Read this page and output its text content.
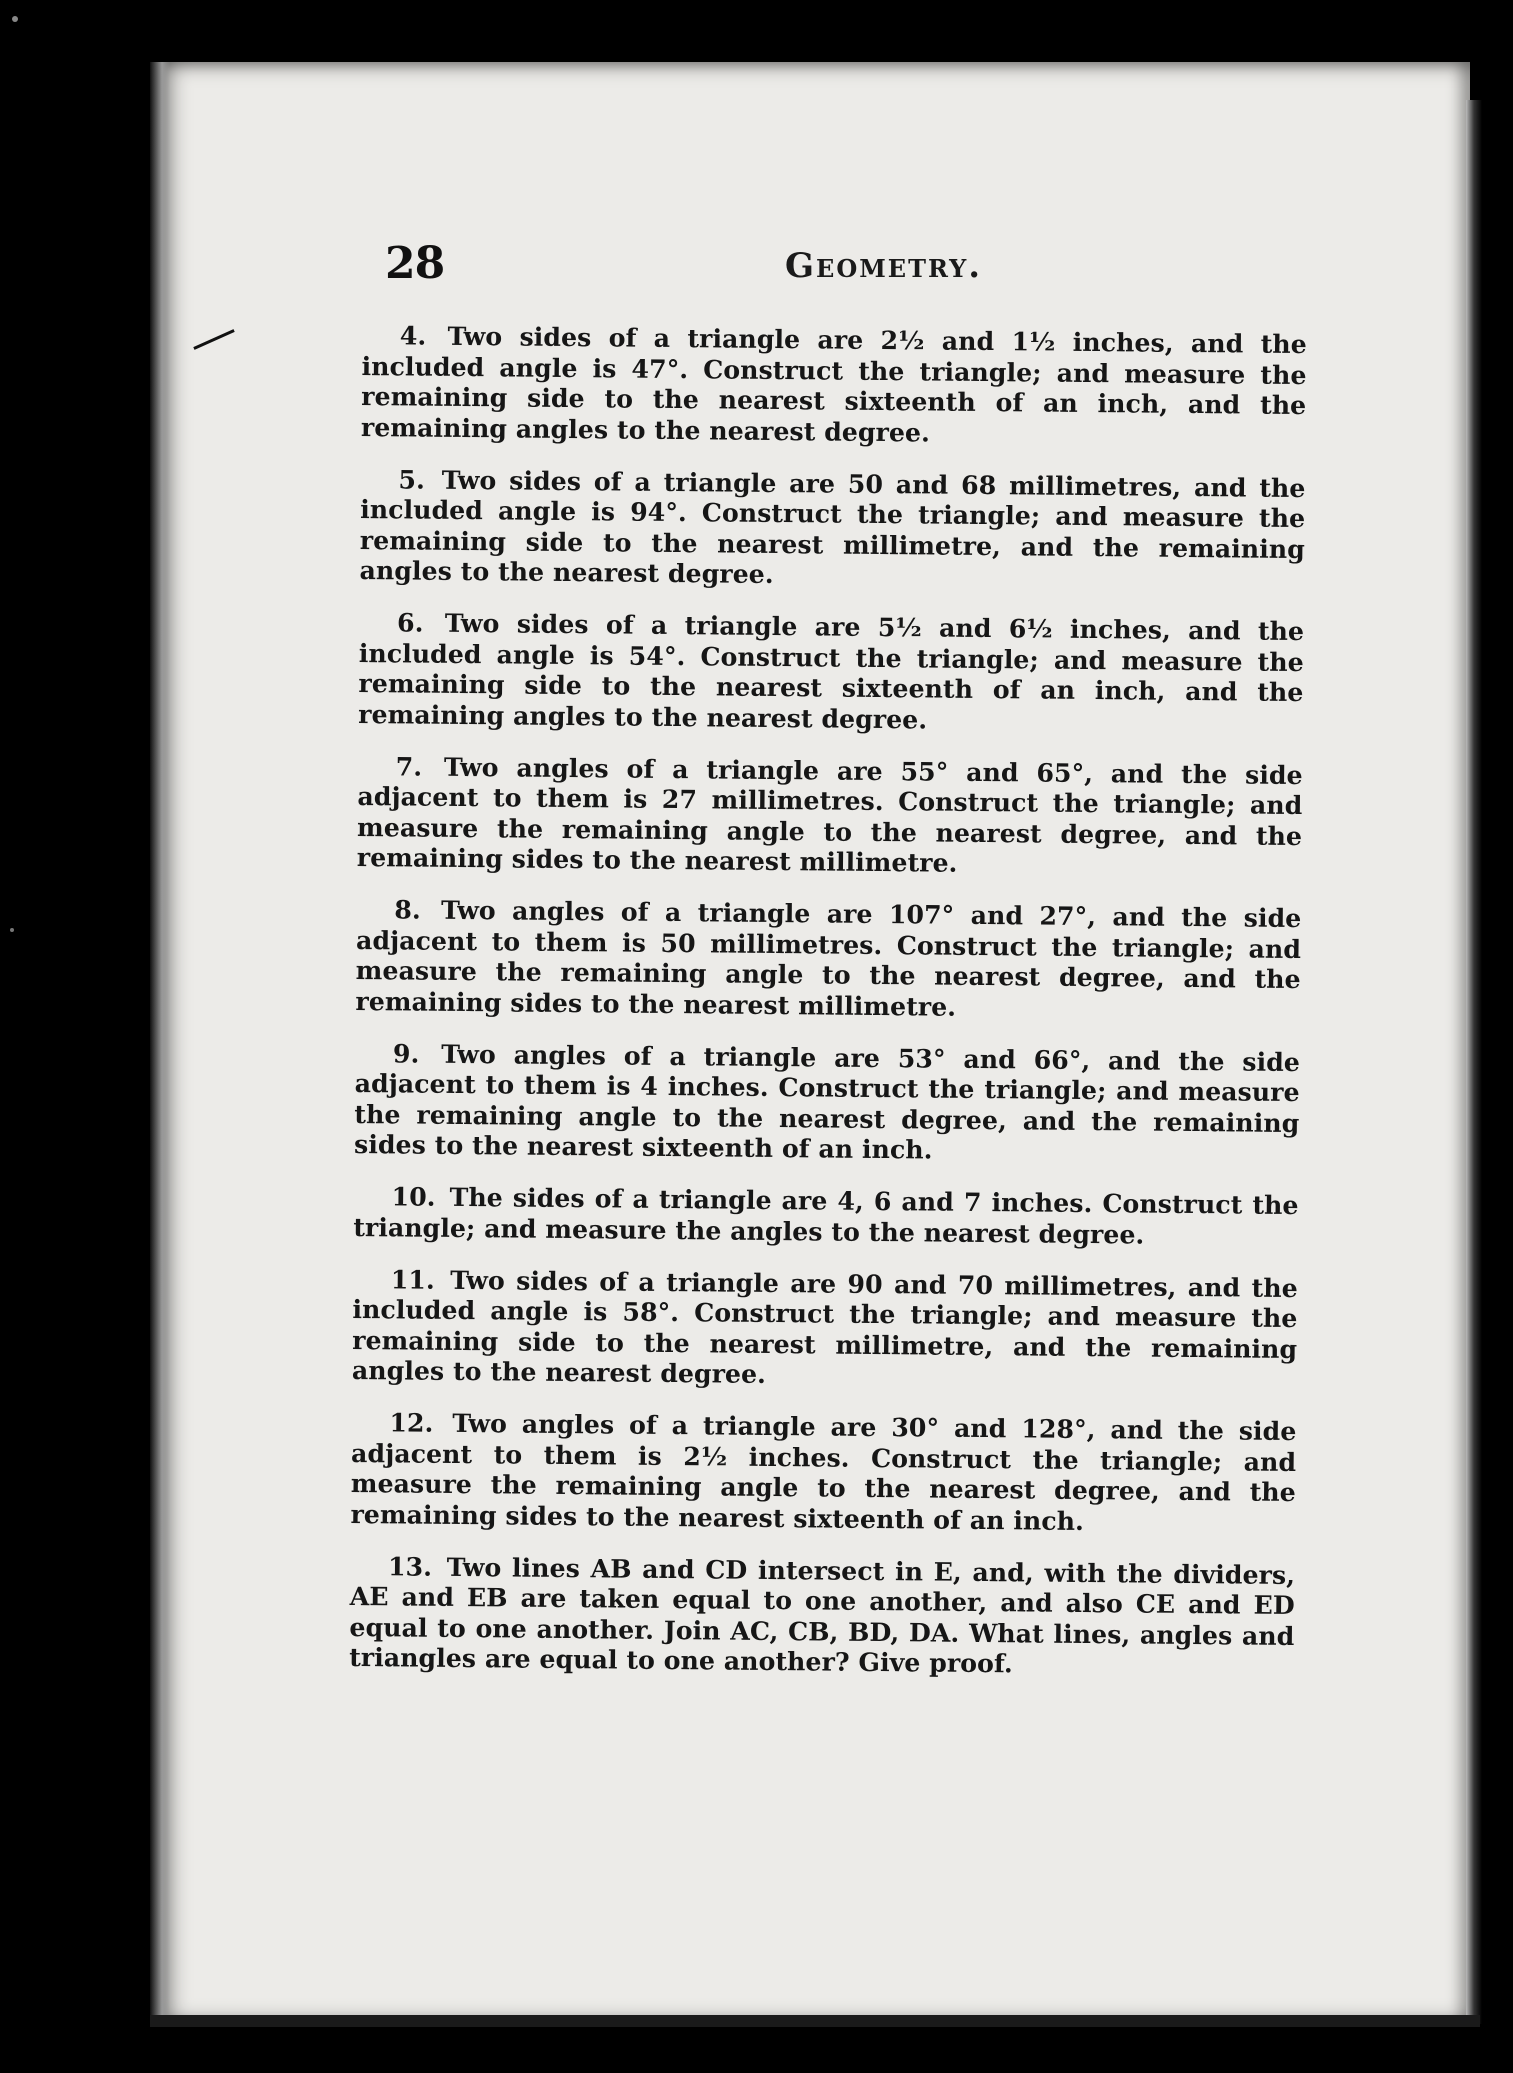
28	Geometry.

4. Two sides of a triangle are 2½ and 1½ inches, and the included angle is 47°. Construct the triangle; and measure the remaining side to the nearest sixteenth of an inch, and the remaining angles to the nearest degree.

5. Two sides of a triangle are 50 and 68 millimetres, and the included angle is 94°. Construct the triangle; and measure the remaining side to the nearest millimetre, and the remaining angles to the nearest degree.

6. Two sides of a triangle are 5½ and 6½ inches, and the included angle is 54°. Construct the triangle; and measure the remaining side to the nearest sixteenth of an inch, and the remaining angles to the nearest degree.

7. Two angles of a triangle are 55° and 65°, and the side adjacent to them is 27 millimetres. Construct the triangle; and measure the remaining angle to the nearest degree, and the remaining sides to the nearest millimetre.

8. Two angles of a triangle are 107° and 27°, and the side adjacent to them is 50 millimetres. Construct the triangle; and measure the remaining angle to the nearest degree, and the remaining sides to the nearest millimetre.

9. Two angles of a triangle are 53° and 66°, and the side adjacent to them is 4 inches. Construct the triangle; and measure the remaining angle to the nearest degree, and the remaining sides to the nearest sixteenth of an inch.

10. The sides of a triangle are 4, 6 and 7 inches. Construct the triangle; and measure the angles to the nearest degree.

11. Two sides of a triangle are 90 and 70 millimetres, and the included angle is 58°. Construct the triangle; and measure the remaining side to the nearest millimetre, and the remaining angles to the nearest degree.

12. Two angles of a triangle are 30° and 128°, and the side adjacent to them is 2½ inches. Construct the triangle; and measure the remaining angle to the nearest degree, and the remaining sides to the nearest sixteenth of an inch.

13. Two lines AB and CD intersect in E, and, with the dividers, AE and EB are taken equal to one another, and also CE and ED equal to one another. Join AC, CB, BD, DA. What lines, angles and triangles are equal to one another? Give proof.
